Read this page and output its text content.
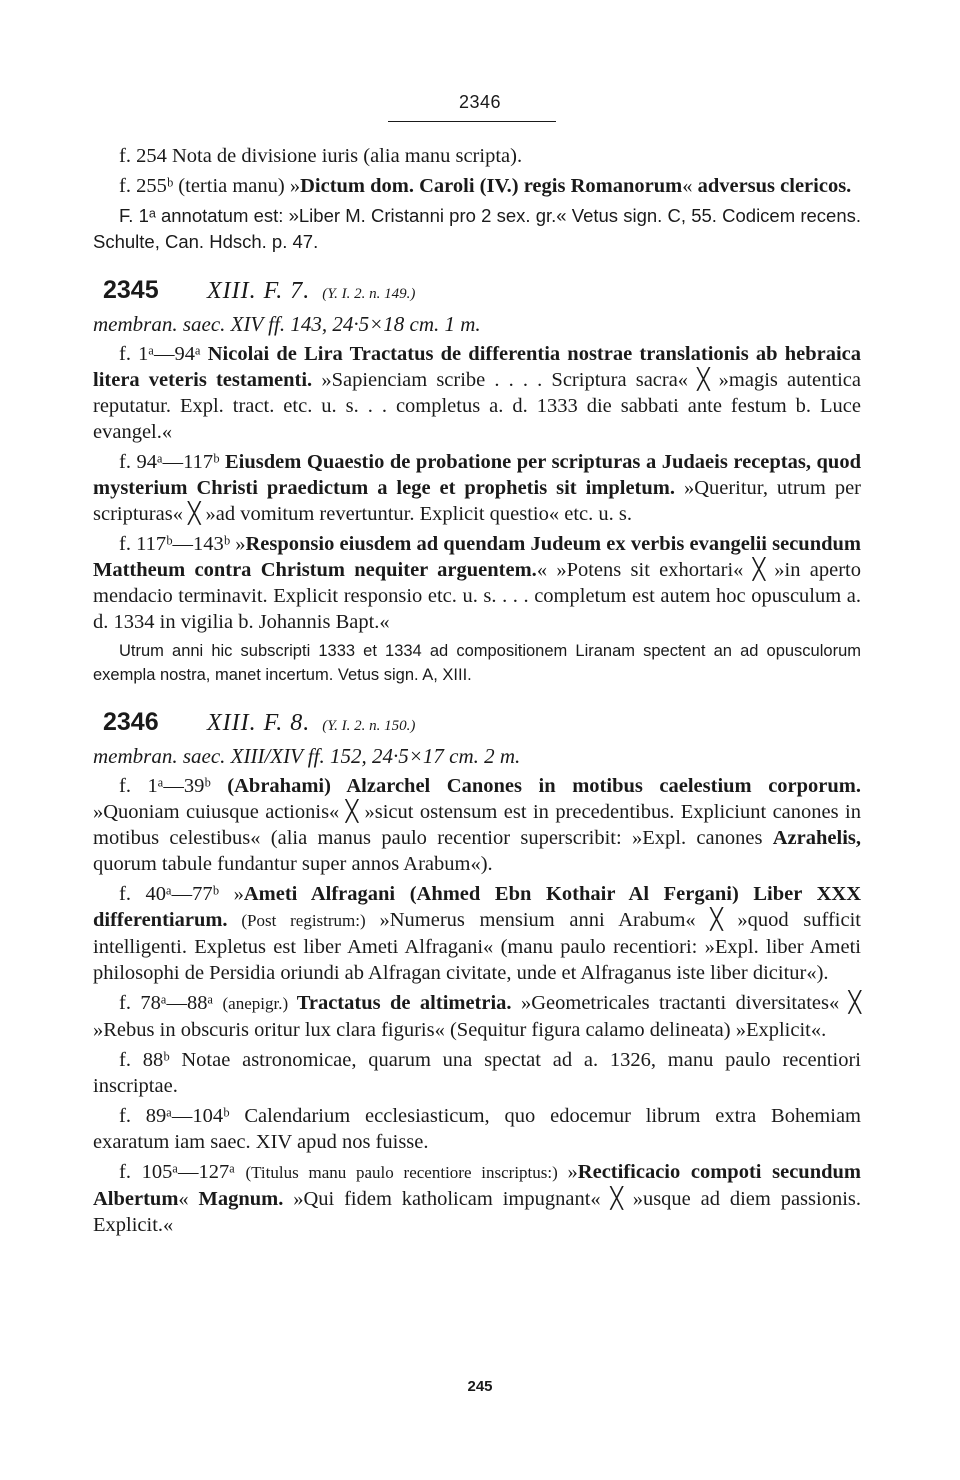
2346

f. 254 Nota de divisione iuris (alia manu scripta).

f. 255ᵇ (tertia manu) »Dictum dom. Caroli (IV.) regis Romanorum« adversus clericos.

F. 1ᵃ annotatum est: »Liber M. Cristanni pro 2 sex. gr.« Vetus sign. C, 55. Codicem recens. Schulte, Can. Hdsch. p. 47.

2345	XIII. F. 7. (Y. I. 2. n. 149.)

membran. saec. XIV ff. 143, 24·5×18 cm. 1 m.

f. 1ᵃ—94ᵃ Nicolai de Lira Tractatus de differentia nostrae translationis ab hebraica litera veteris testamenti. »Sapienciam scribe . . . . Scriptura sacra« ╳ »magis autentica reputatur. Expl. tract. etc. u. s. . . completus a. d. 1333 die sabbati ante festum b. Luce evangel.«

f. 94ᵃ—117ᵇ Eiusdem Quaestio de probatione per scripturas a Judaeis receptas, quod mysterium Christi praedictum a lege et prophetis sit impletum. »Queritur, utrum per scripturas« ╳ »ad vomitum revertuntur. Explicit questio« etc. u. s.

f. 117ᵇ—143ᵇ »Responsio eiusdem ad quendam Judeum ex verbis evangelii secundum Mattheum contra Christum nequiter arguentem.« »Potens sit exhortari« ╳ »in aperto mendacio terminavit. Explicit responsio etc. u. s. . . . completum est autem hoc opusculum a. d. 1334 in vigilia b. Johannis Bapt.«

Utrum anni hic subscripti 1333 et 1334 ad compositionem Liranam spectent an ad opusculorum exempla nostra, manet incertum. Vetus sign. A, XIII.

2346	XIII. F. 8. (Y. I. 2. n. 150.)

membran. saec. XIII/XIV ff. 152, 24·5×17 cm. 2 m.

f. 1ᵃ—39ᵇ (Abrahami) Alzarchel Canones in motibus caelestium corporum. »Quoniam cuiusque actionis« ╳ »sicut ostensum est in precedentibus. Expliciunt canones in motibus celestibus« (alia manus paulo recentior superscribit: »Expl. canones Azrahelis, quorum tabule fundantur super annos Arabum«).

f. 40ᵃ—77ᵇ »Ameti Alfragani (Ahmed Ebn Kothair Al Fergani) Liber XXX differentiarum. (Post registrum:) »Numerus mensium anni Arabum« ╳ »quod sufficit intelligenti. Expletus est liber Ameti Alfragani« (manu paulo recentiori: »Expl. liber Ameti philosophi de Persidia oriundi ab Alfragan civitate, unde et Alfraganus iste liber dicitur«).

f. 78ᵃ—88ᵃ (anepigr.) Tractatus de altimetria. »Geometricales tractanti diversitates« ╳ »Rebus in obscuris oritur lux clara figuris« (Sequitur figura calamo delineata) »Explicit«.

f. 88ᵇ Notae astronomicae, quarum una spectat ad a. 1326, manu paulo recentiori inscriptae.

f. 89ᵃ—104ᵇ Calendarium ecclesiasticum, quo edocemur librum extra Bohemiam exaratum iam saec. XIV apud nos fuisse.

f. 105ᵃ—127ᵃ (Titulus manu paulo recentiore inscriptus:) »Rectificacio compoti secundum Albertum« Magnum. »Qui fidem katholicam impugnant« ╳ »usque ad diem passionis. Explicit.«

245
